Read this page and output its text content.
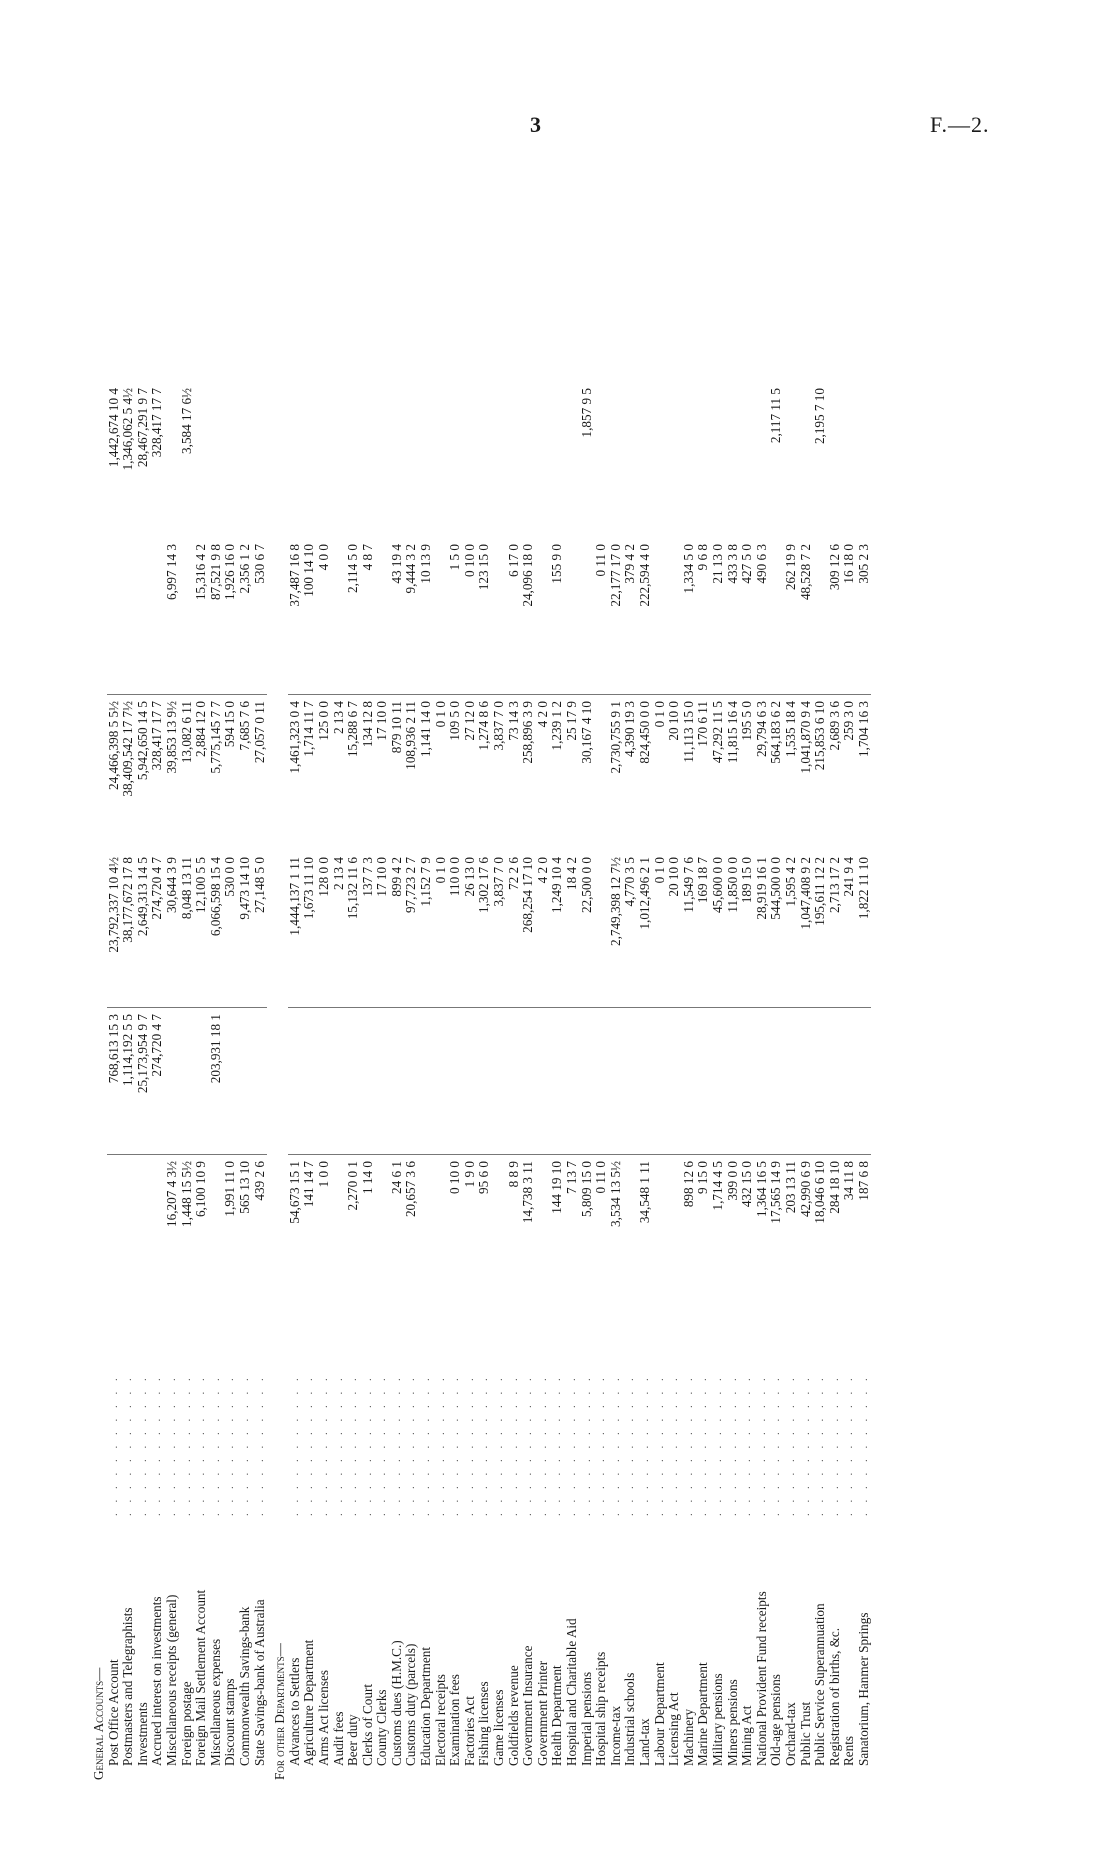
3	F.—2.
General Accounts—							
Post Office Account	. . . . . . . . . . .		768,613 15 3	23,792,337 10 4½	24,466,398 5 5½		1,442,674 10 4
Postmasters and Telegraphists	. . . . . . . . . . .		1,114,192 5 5	38,177,672 17 8	38,409,542 17 7½		1,346,062 5 4½
Investments	. . . . . . . . . . .		25,173,954 9 7	2,649,313 14 5	5,942,650 14 5		28,467,291 9 7
Accrued interest on investments	. . . . . . . . . . .		274,720 4 7	274,720 4 7	328,417 17 7		328,417 17 7
Miscellaneous receipts (general)	. . . . . . . . . . .	16,207 4 3½		30,644 3 9	39,853 13 9½	6,997 14 3	
Foreign postage	. . . . . . . . . . .	1,448 15 5½		8,048 13 11	13,082 6 11		3,584 17 6½
Foreign Mail Settlement Account	. . . . . . . . . . .	6,100 10 9		12,100 5 5	2,884 12 0	15,316 4 2	
Miscellaneous expenses	. . . . . . . . . . .		203,931 18 1	6,066,598 15 4	5,775,145 7 7	87,521 9 8	
Discount stamps	. . . . . . . . . . .	1,991 11 0		530 0 0	594 15 0	1,926 16 0	
Commonwealth Savings-bank	. . . . . . . . . . .	565 13 10		9,473 14 10	7,685 7 6	2,356 1 2	
State Savings-bank of Australia	. . . . . . . . . . .	439 2 6		27,148 5 0	27,057 0 11	530 6 7	

For other Departments—							
Advances to Settlers	. . . . . . . . . . .	54,673 15 1		1,444,137 1 11	1,461,323 0 4	37,487 16 8	
Agriculture Department	. . . . . . . . . . .	141 14 7		1,673 11 10	1,714 11 7	100 14 10	
Arms Act licenses	. . . . . . . . . . .	1 0 0		128 0 0	125 0 0	4 0 0	
Audit fees	. . . . . . . . . . .			2 13 4	2 13 4		
Beer duty	. . . . . . . . . . .	2,270 0 1		15,132 11 6	15,288 6 7	2,114 5 0	
Clerks of Court	. . . . . . . . . . .	1 14 0		137 7 3	134 12 8	4 8 7	
County Clerks	. . . . . . . . . . .			17 10 0	17 10 0		
Customs dues (H.M.C.)	. . . . . . . . . . .	24 6 1		899 4 2	879 10 11	43 19 4	
Customs duty (parcels)	. . . . . . . . . . .	20,657 3 6		97,723 2 7	108,936 2 11	9,444 3 2	
Education Department	. . . . . . . . . . .			1,152 7 9	1,141 14 0	10 13 9	
Electoral receipts	. . . . . . . . . . .			0 1 0	0 1 0		
Examination fees	. . . . . . . . . . .	0 10 0		110 0 0	109 5 0	1 5 0	
Factories Act	. . . . . . . . . . .	1 9 0		26 13 0	27 12 0	0 10 0	
Fishing licenses	. . . . . . . . . . .	95 6 0		1,302 17 6	1,274 8 6	123 15 0	
Game licenses	. . . . . . . . . . .			3,837 7 0	3,837 7 0		
Goldfields revenue	. . . . . . . . . . .	8 8 9		72 2 6	73 14 3	6 17 0	
Government Insurance	. . . . . . . . . . .	14,738 3 11		268,254 17 10	258,896 3 9	24,096 18 0	
Government Printer	. . . . . . . . . . .			4 2 0	4 2 0		
Health Department	. . . . . . . . . . .	144 19 10		1,249 10 4	1,239 1 2	155 9 0	
Hospital and Charitable Aid	. . . . . . . . . . .	7 13 7		18 4 2	25 17 9		
Imperial pensions	. . . . . . . . . . .	5,809 15 0		22,500 0 0	30,167 4 10		1,857 9 5
Hospital ship receipts	. . . . . . . . . . .	0 11 0				0 11 0	
Income-tax	. . . . . . . . . . .	3,534 13 5½		2,749,398 12 7½	2,730,755 9 1	22,177 17 0	
Industrial schools	. . . . . . . . . . .			4,770 3 5	4,390 19 3	379 4 2	
Land-tax	. . . . . . . . . . .	34,548 1 11		1,012,496 2 1	824,450 0 0	222,594 4 0	
Labour Department	. . . . . . . . . . .			0 1 0	0 1 0		
Licensing Act	. . . . . . . . . . .			20 10 0	20 10 0		
Machinery	. . . . . . . . . . .	898 12 6		11,549 7 6	11,113 15 0	1,334 5 0	
Marine Department	. . . . . . . . . . .	9 15 0		169 18 7	170 6 11	9 6 8	
Military pensions	. . . . . . . . . . .	1,714 4 5		45,600 0 0	47,292 11 5	21 13 0	
Miners pensions	. . . . . . . . . . .	399 0 0		11,850 0 0	11,815 16 4	433 3 8	
Mining Act	. . . . . . . . . . .	432 15 0		189 15 0	195 5 0	427 5 0	
National Provident Fund receipts	. . . . . . . . . . .	1,364 16 5		28,919 16 1	29,794 6 3	490 6 3	
Old-age pensions	. . . . . . . . . . .	17,565 14 9		544,500 0 0	564,183 6 2		2,117 11 5
Orchard-tax	. . . . . . . . . . .	203 13 11		1,595 4 2	1,535 18 4	262 19 9	
Public Trust	. . . . . . . . . . .	42,990 6 9		1,047,408 9 2	1,041,870 9 4	48,528 7 2	
Public Service Superannuation	. . . . . . . . . . .	18,046 6 10		195,611 12 2	215,853 6 10		2,195 7 10
Registration of births, &c.	. . . . . . . . . . .	284 18 10		2,713 17 2	2,689 3 6	309 12 6	
Rents	. . . . . . . . . . .	34 11 8		241 9 4	259 3 0	16 18 0	
Sanatorium, Hanmer Springs	. . . . . . . . . . .	187 6 8		1,822 11 10	1,704 16 3	305 2 3	
